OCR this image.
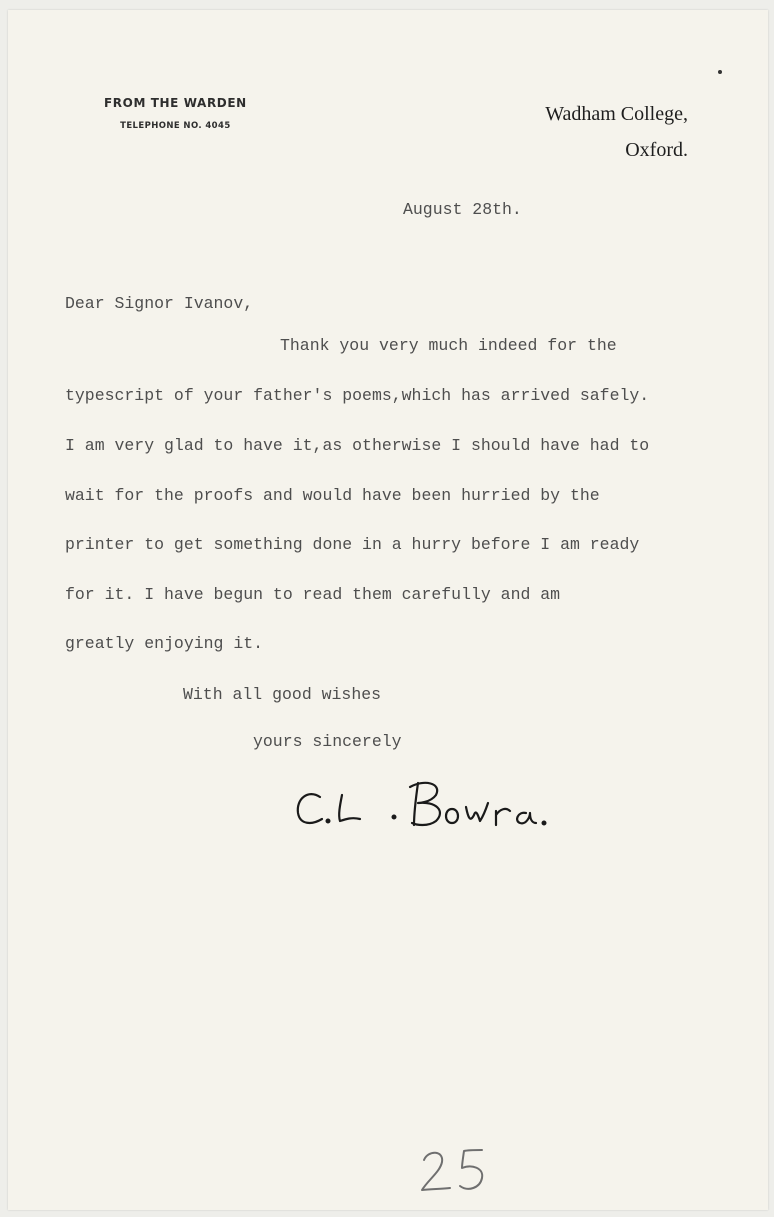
FROM THE WARDEN
TELEPHONE NO. 4045
Wadham College,
Oxford.
August 28th.
Dear Signor Ivanov,
Thank you very much indeed for the
typescript of your father's poems,which has arrived safely.
I am very glad to have it,as otherwise I should have had to
wait for the proofs and would have been hurried by the
printer to get something done in a hurry before I am ready
for it. I have begun to read them carefully and am
greatly enjoying it.
With all good wishes
yours sincerely
